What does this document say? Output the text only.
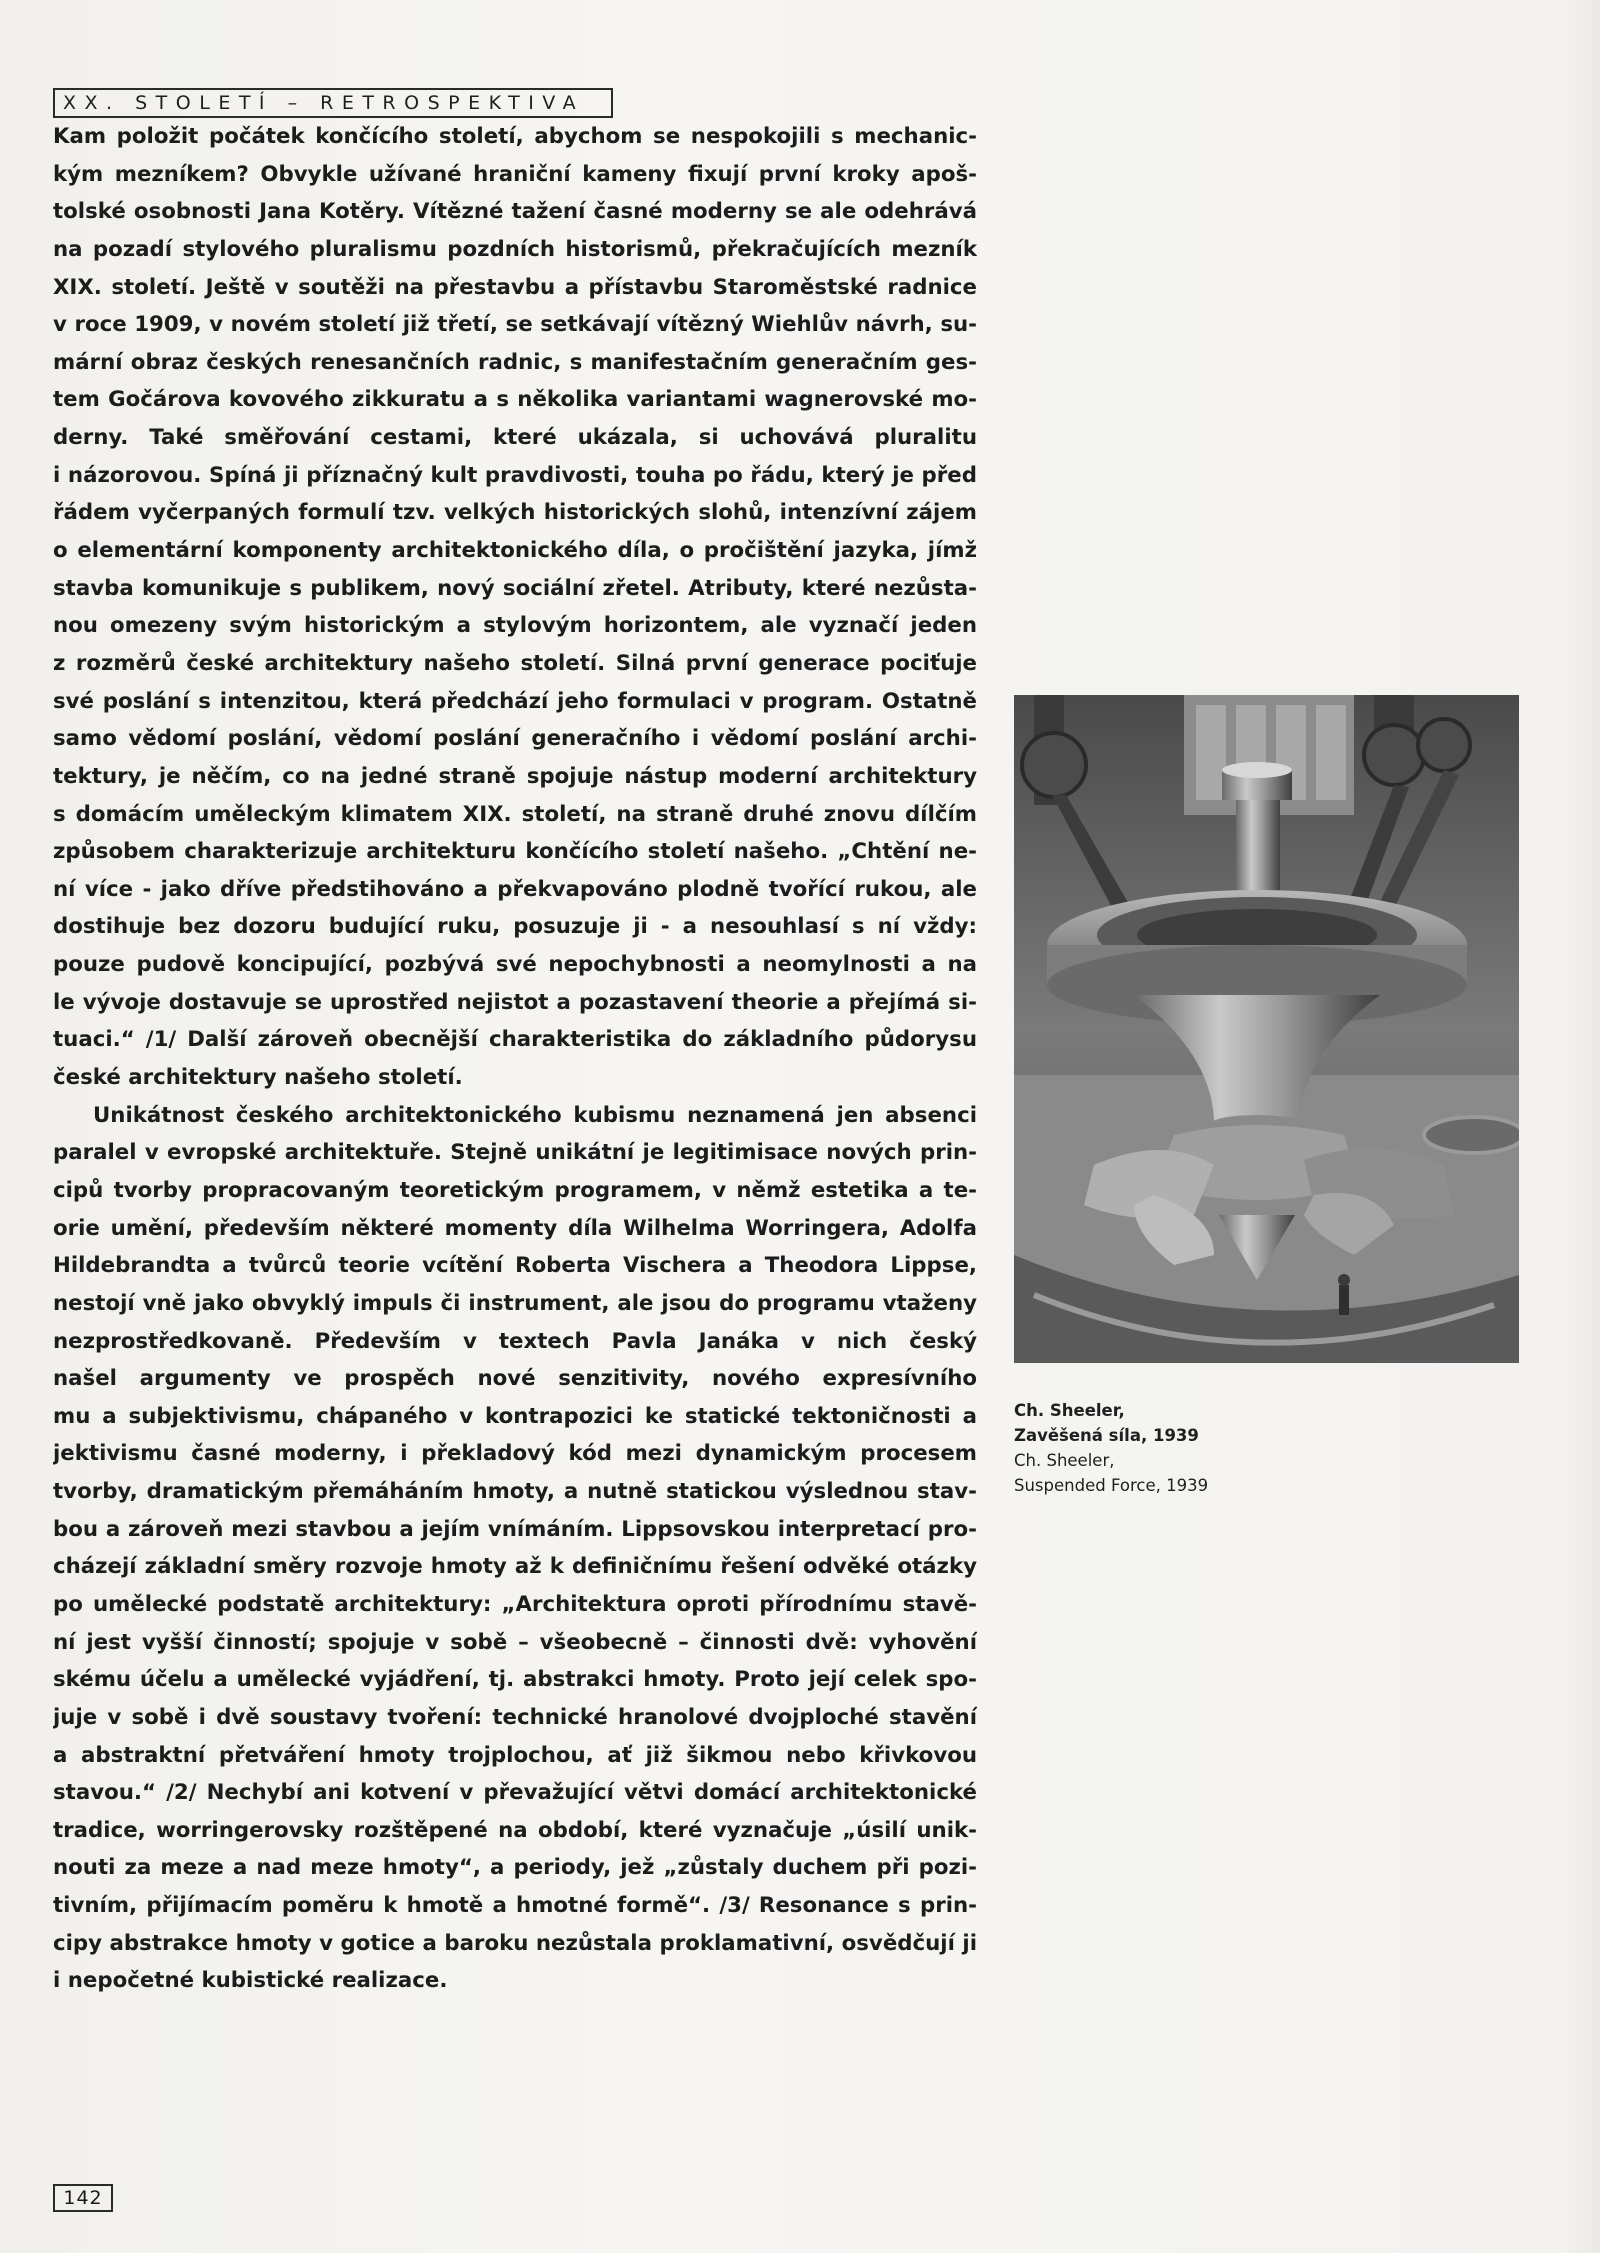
XX. STOLETÍ – RETROSPEKTIVA
Kam položit počátek končícího století, abychom se nespokojili s mechanic-
kým mezníkem? Obvykle užívané hraniční kameny fixují první kroky apoš-
tolské osobnosti Jana Kotěry. Vítězné tažení časné moderny se ale odehrává
na pozadí stylového pluralismu pozdních historismů, překračujících mezník
XIX. století. Ještě v soutěži na přestavbu a přístavbu Staroměstské radnice
v roce 1909, v novém století již třetí, se setkávají vítězný Wiehlův návrh, su-
mární obraz českých renesančních radnic, s manifestačním generačním ges-
tem Gočárova kovového zikkuratu a s několika variantami wagnerovské mo-
derny. Také směřování cestami, které ukázala, si uchovává pluralitu
i názorovou. Spíná ji příznačný kult pravdivosti, touha po řádu, který je před
řádem vyčerpaných formulí tzv. velkých historických slohů, intenzívní zájem
o elementární komponenty architektonického díla, o pročištění jazyka, jímž
stavba komunikuje s publikem, nový sociální zřetel. Atributy, které nezůsta-
nou omezeny svým historickým a stylovým horizontem, ale vyznačí jeden
z rozměrů české architektury našeho století. Silná první generace pociťuje
své poslání s intenzitou, která předchází jeho formulaci v program. Ostatně
samo vědomí poslání, vědomí poslání generačního i vědomí poslání archi-
tektury, je něčím, co na jedné straně spojuje nástup moderní architektury
s domácím uměleckým klimatem XIX. století, na straně druhé znovu dílčím
způsobem charakterizuje architekturu končícího století našeho. „Chtění ne-
ní více - jako dříve předstihováno a překvapováno plodně tvořící rukou, ale
dostihuje bez dozoru budující ruku, posuzuje ji - a nesouhlasí s ní vždy:
pouze pudově koncipující, pozbývá své nepochybnosti a neomylnosti a na
le vývoje dostavuje se uprostřed nejistot a pozastavení theorie a přejímá si-
tuaci.“ /1/ Další zároveň obecnější charakteristika do základního půdorysu
české architektury našeho století.
Unikátnost českého architektonického kubismu neznamená jen absenci
paralel v evropské architektuře. Stejně unikátní je legitimisace nových prin-
cipů tvorby propracovaným teoretickým programem, v němž estetika a te-
orie umění, především některé momenty díla Wilhelma Worringera, Adolfa
Hildebrandta a tvůrců teorie vcítění Roberta Vischera a Theodora Lippse,
nestojí vně jako obvyklý impuls či instrument, ale jsou do programu vtaženy
nezprostředkovaně. Především v textech Pavla Janáka v nich český
našel argumenty ve prospěch nové senzitivity, nového expresívního
mu a subjektivismu, chápaného v kontrapozici ke statické tektoničnosti a
jektivismu časné moderny, i překladový kód mezi dynamickým procesem
tvorby, dramatickým přemáháním hmoty, a nutně statickou výslednou stav-
bou a zároveň mezi stavbou a jejím vnímáním. Lippsovskou interpretací pro-
cházejí základní směry rozvoje hmoty až k definičnímu řešení odvěké otázky
po umělecké podstatě architektury: „Architektura oproti přírodnímu stavě-
ní jest vyšší činností; spojuje v sobě – všeobecně – činnosti dvě: vyhovění
skému účelu a umělecké vyjádření, tj. abstrakci hmoty. Proto její celek spo-
juje v sobě i dvě soustavy tvoření: technické hranolové dvojploché stavění
a abstraktní přetváření hmoty trojplochou, ať již šikmou nebo křivkovou
stavou.“ /2/ Nechybí ani kotvení v převažující větvi domácí architektonické
tradice, worringerovsky rozštěpené na období, které vyznačuje „úsilí unik-
nouti za meze a nad meze hmoty“, a periody, jež „zůstaly duchem při pozi-
tivním, přijímacím poměru k hmotě a hmotné formě“. /3/ Resonance s prin-
cipy abstrakce hmoty v gotice a baroku nezůstala proklamativní, osvědčují ji
i nepočetné kubistické realizace.
Ch. Sheeler,
Zavěšená síla, 1939
Ch. Sheeler,
Suspended Force, 1939
142
